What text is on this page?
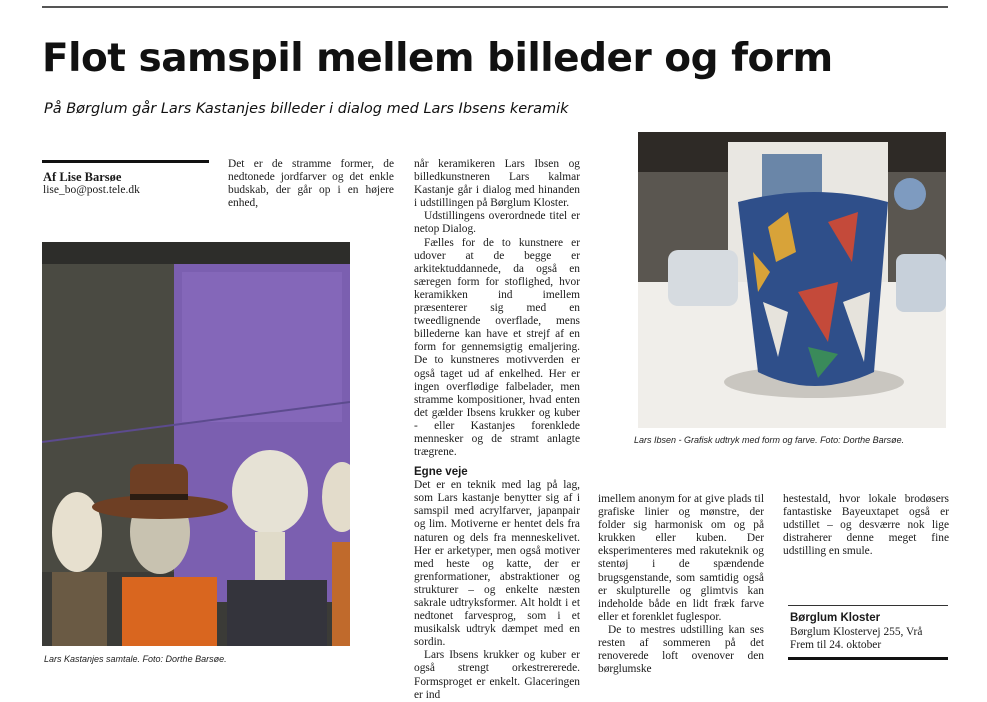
Flot samspil mellem billeder og form
På Børglum går Lars Kastanjes billeder i dialog med Lars Ibsens keramik
Af Lise Barsøe
lise_bo@post.tele.dk

Det er de stramme former, de nedtonede jordfarver og det enkle budskab, der går op i en højere enhed,

Lars Kastanjes samtale. Foto: Dorthe Barsøe.

når keramikeren Lars Ibsen og billedkunstneren Lars kalmar Kastanje går i dialog med hinanden i udstillingen på Børglum Kloster.

Udstillingens overordnede titel er netop Dialog.

Fælles for de to kunstnere er udover at de begge er arkitektuddannede, da også en særegen form for stoflighed, hvor keramikken ind imellem præsenterer sig med en tweedlignende overflade, mens billederne kan have et strejf af en form for gennemsigtig emaljering. De to kunstneres motivverden er også taget ud af enkelhed. Her er ingen overflødige falbelader, men stramme kompositioner, hvad enten det gælder Ibsens krukker og kuber - eller Kastanjes forenklede mennesker og de stramt anlagte trægrene.

Egne veje

Det er en teknik med lag på lag, som Lars kastanje benytter sig af i samspil med acrylfarver, japanpair og lim. Motiverne er hentet dels fra naturen og dels fra menneskelivet. Her er arketyper, men også motiver med heste og katte, der er grenformationer, abstraktioner og strukturer – og enkelte næsten sakrale udtryksformer. Alt holdt i et nedtonet farvesprog, som i et musikalsk udtryk dæmpet med en sordin.

Lars Ibsens krukker og kuber er også strengt orkestrererede. Formsproget er enkelt. Glaceringen er ind

Lars Ibsen - Grafisk udtryk med form og farve. Foto: Dorthe Barsøe.

imellem anonym for at give plads til grafiske linier og mønstre, der folder sig harmonisk om og på krukken eller kuben. Der eksperimenteres med rakuteknik og stentøj i de spændende brugsgenstande, som samtidig også er skulpturelle og glimtvis kan indeholde både en lidt fræk farve eller et forenklet fuglespor.

De to mestres udstilling kan ses resten af sommeren på det renoverede loft ovenover den børglumske

hestestald, hvor lokale brodøsers fantastiske Bayeuxtapet også er udstillet – og desværre nok lige distraherer denne meget fine udstilling en smule.

Børglum Kloster
Børglum Klostervej 255, Vrå
Frem til 24. oktober
